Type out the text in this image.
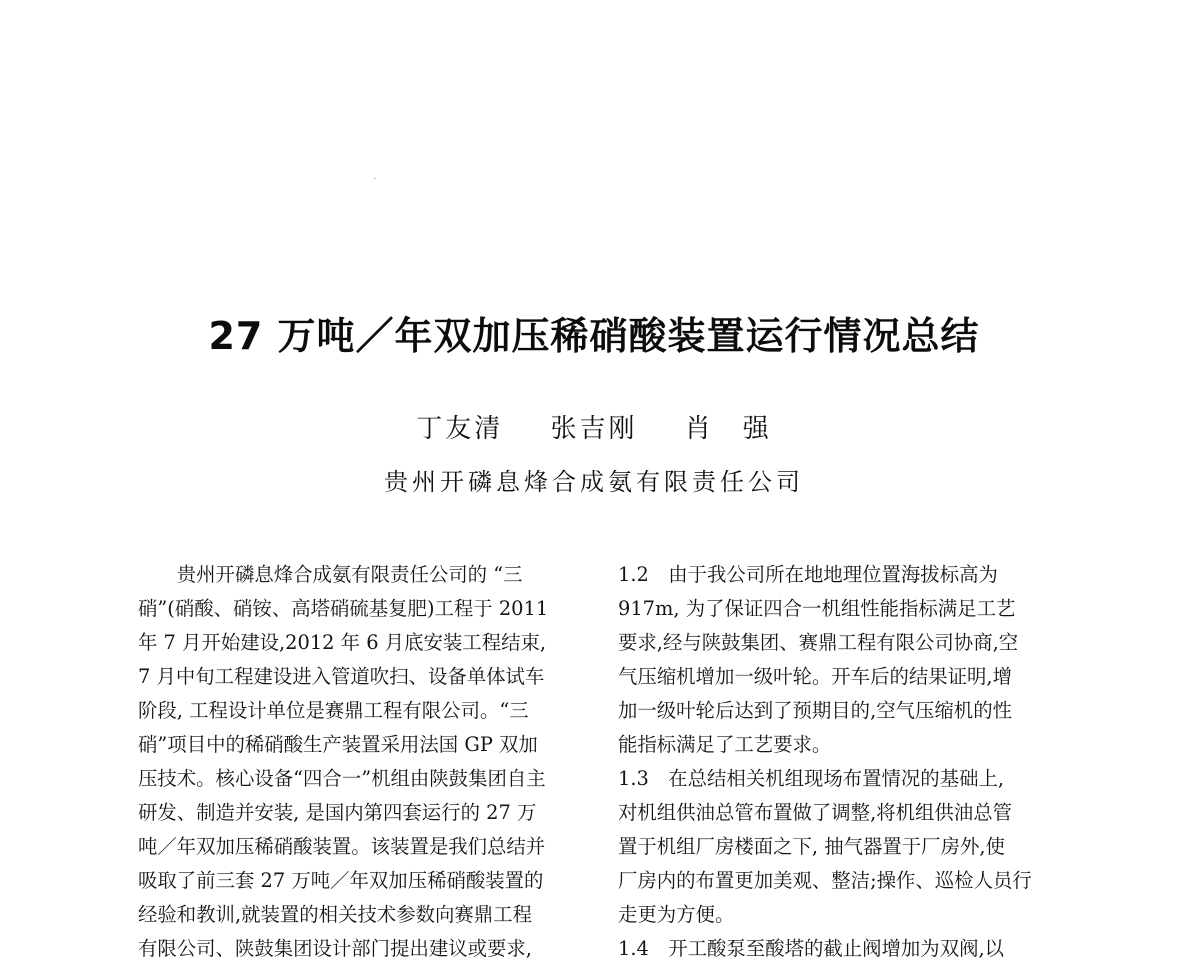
27 万吨／年双加压稀硝酸装置运行情况总结
丁友清 张吉刚 肖　强
贵州开磷息烽合成氨有限责任公司
　　贵州开磷息烽合成氨有限责任公司的 “三
硝”(硝酸、硝铵、高塔硝硫基复肥)工程于 2011
年 7 月开始建设,2012 年 6 月底安装工程结束,
7 月中旬工程建设进入管道吹扫、设备单体试车
阶段, 工程设计单位是赛鼎工程有限公司。“三
硝”项目中的稀硝酸生产装置采用法国 GP 双加
压技术。核心设备“四合一”机组由陕鼓集团自主
研发、制造并安装, 是国内第四套运行的 27 万
吨／年双加压稀硝酸装置。该装置是我们总结并
吸取了前三套 27 万吨／年双加压稀硝酸装置的
经验和教训,就装置的相关技术参数向赛鼎工程
有限公司、陕鼓集团设计部门提出建议或要求,
1.2　由于我公司所在地地理位置海拔标高为
917m, 为了保证四合一机组性能指标满足工艺
要求,经与陕鼓集团、赛鼎工程有限公司协商,空
气压缩机增加一级叶轮。开车后的结果证明,增
加一级叶轮后达到了预期目的,空气压缩机的性
能指标满足了工艺要求。
1.3　在总结相关机组现场布置情况的基础上,
对机组供油总管布置做了调整,将机组供油总管
置于机组厂房楼面之下, 抽气器置于厂房外,使
厂房内的布置更加美观、整洁;操作、巡检人员行
走更为方便。
1.4　开工酸泵至酸塔的截止阀增加为双阀,以
